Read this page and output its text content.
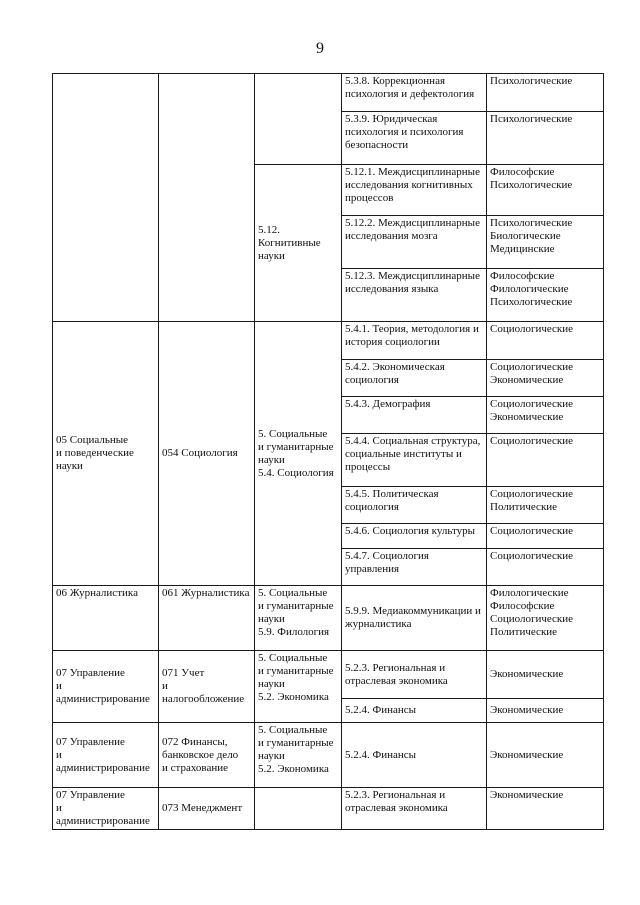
9
			5.3.8. Коррекционная психология и дефектология	Психологические
			5.3.9. Юридическая психология и психология безопасности	Психологические
		5.12.
Когнитивные
науки	5.12.1. Междисциплинарные исследования когнитивных процессов	Философские
Психологические
			5.12.2. Междисциплинарные исследования мозга	Психологические
Биологические
Медицинские
			5.12.3. Междисциплинарные исследования языка	Философские
Филологические
Психологические
05 Социальные
и поведенческие
науки	054 Социология	5. Социальные
и гуманитарные
науки
5.4. Социология	5.4.1. Теория, методология и история социологии	Социологические
			5.4.2. Экономическая социология	Социологические
Экономические
			5.4.3. Демография	Социологические
Экономические
			5.4.4. Социальная структура, социальные институты и процессы	Социологические
			5.4.5. Политическая социология	Социологические
Политические
			5.4.6. Социология культуры	Социологические
			5.4.7. Социология управления	Социологические
06 Журналистика	061 Журналистика	5. Социальные
и гуманитарные
науки
5.9. Филология	5.9.9. Медиакоммуникации и журналистика	Филологические
Философские
Социологические
Политические
07 Управление
и администрирование	071 Учет
и налогообложение	5. Социальные
и гуманитарные
науки
5.2. Экономика	5.2.3. Региональная и отраслевая экономика	Экономические
			5.2.4. Финансы	Экономические
07 Управление
и администрирование	072 Финансы,
банковское дело
и страхование	5. Социальные
и гуманитарные
науки
5.2. Экономика	5.2.4. Финансы	Экономические
07 Управление
и администрирование	073 Менеджмент		5.2.3. Региональная и отраслевая экономика	Экономические
